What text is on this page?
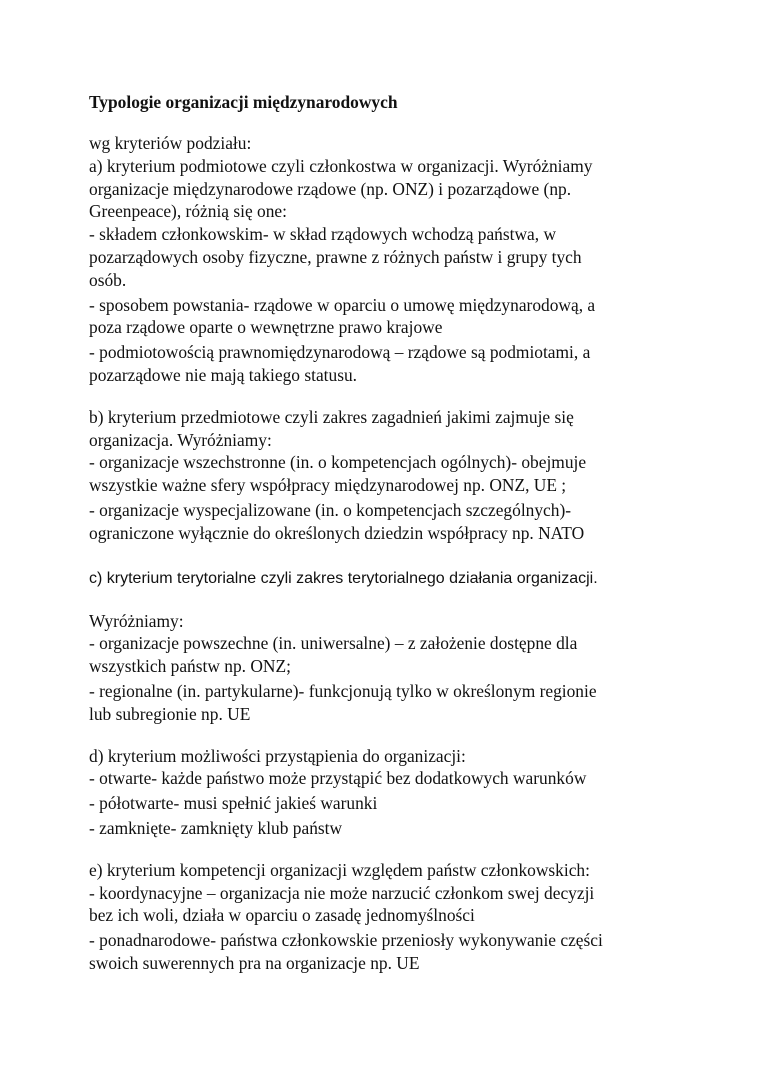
Typologie organizacji międzynarodowych
wg kryteriów podziału:
a) kryterium podmiotowe czyli członkostwa w organizacji. Wyróżniamy
organizacje międzynarodowe rządowe (np. ONZ) i pozarządowe (np.
Greenpeace), różnią się one:
- składem członkowskim- w skład rządowych wchodzą państwa, w
pozarządowych osoby fizyczne, prawne z różnych państw i grupy tych
osób.
- sposobem powstania- rządowe w oparciu o umowę międzynarodową, a
poza rządowe oparte o wewnętrzne prawo krajowe
- podmiotowością prawnomiędzynarodową – rządowe są podmiotami, a
pozarządowe nie mają takiego statusu.
b) kryterium przedmiotowe czyli zakres zagadnień jakimi zajmuje się
organizacja. Wyróżniamy:
- organizacje wszechstronne (in. o kompetencjach ogólnych)- obejmuje
wszystkie ważne sfery współpracy międzynarodowej np. ONZ, UE ;
- organizacje wyspecjalizowane (in. o kompetencjach szczególnych)-
ograniczone wyłącznie do określonych dziedzin współpracy np. NATO
c) kryterium terytorialne czyli zakres terytorialnego działania organizacji.
Wyróżniamy:
- organizacje powszechne (in. uniwersalne) – z założenie dostępne dla
wszystkich państw np. ONZ;
- regionalne (in. partykularne)- funkcjonują tylko w określonym regionie
lub subregionie np. UE
d) kryterium możliwości przystąpienia do organizacji:
- otwarte- każde państwo może przystąpić bez dodatkowych warunków
- półotwarte- musi spełnić jakieś warunki
- zamknięte- zamknięty klub państw
e) kryterium kompetencji organizacji względem państw członkowskich:
- koordynacyjne – organizacja nie może narzucić członkom swej decyzji
bez ich woli, działa w oparciu o zasadę jednomyślności
- ponadnarodowe- państwa członkowskie przeniosły wykonywanie części
swoich suwerennych pra na organizacje np. UE
